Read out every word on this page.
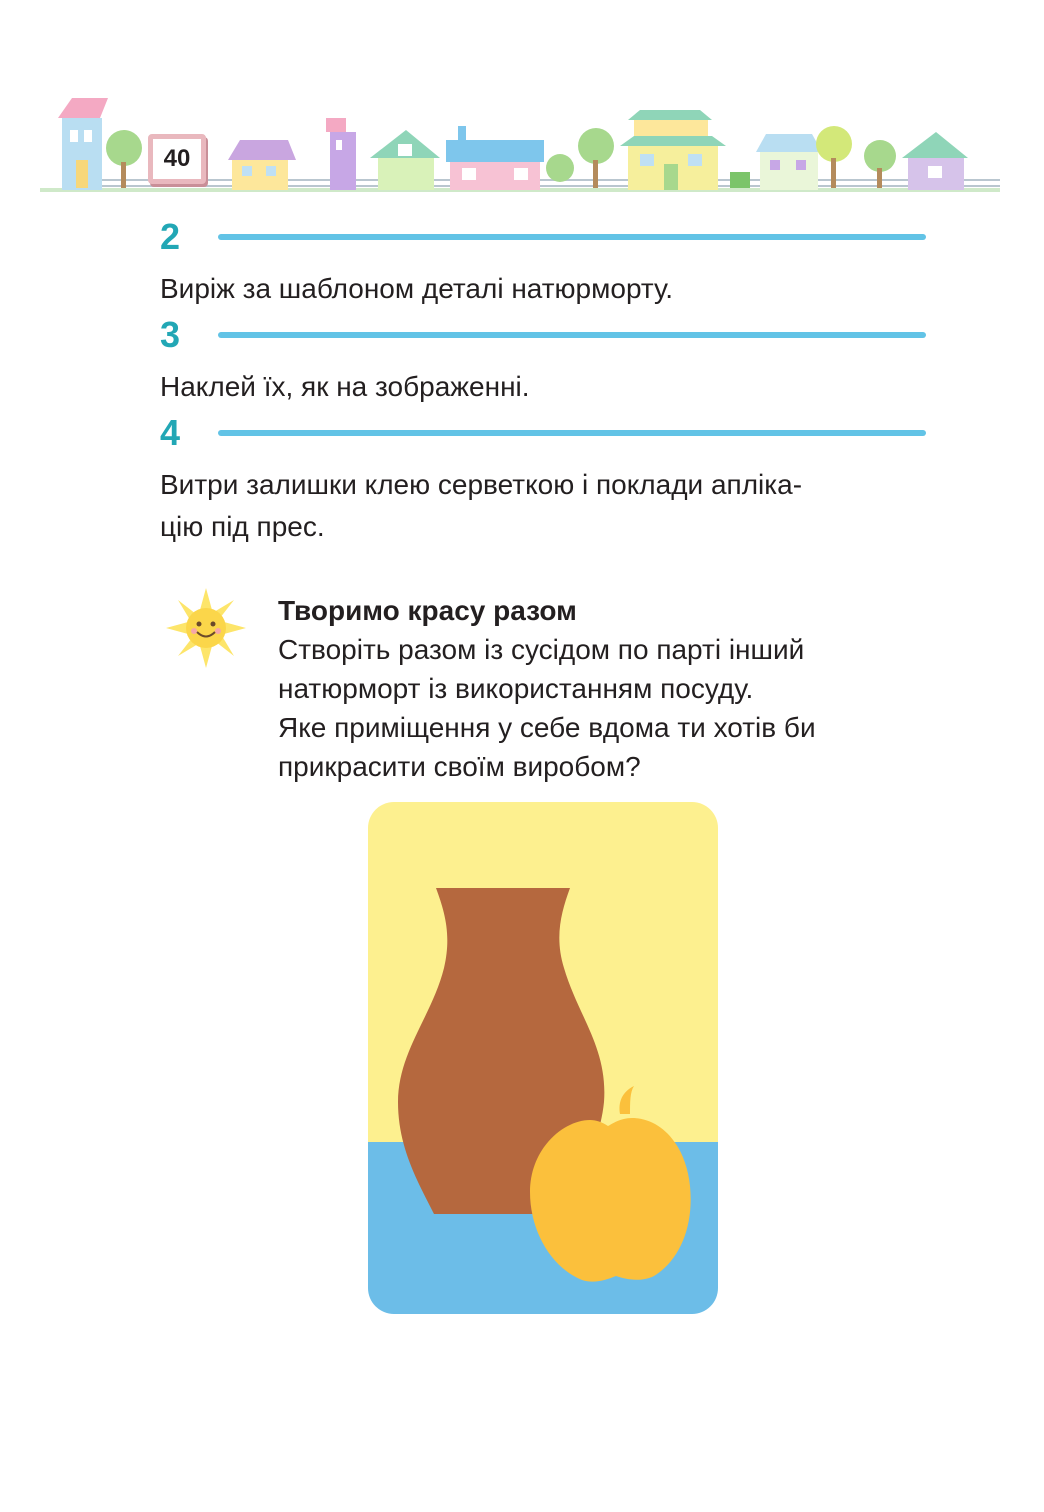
40
2
Виріж за шаблоном деталі натюрморту.
3
Наклей їх, як на зображенні.
4
Витри залишки клею серветкою і поклади апліка-
цію під прес.
Творимо красу разом
Створіть разом із сусідом по парті інший
натюрморт із використанням посуду.
Яке приміщення у себе вдома ти хотів би
прикрасити своїм виробом?
